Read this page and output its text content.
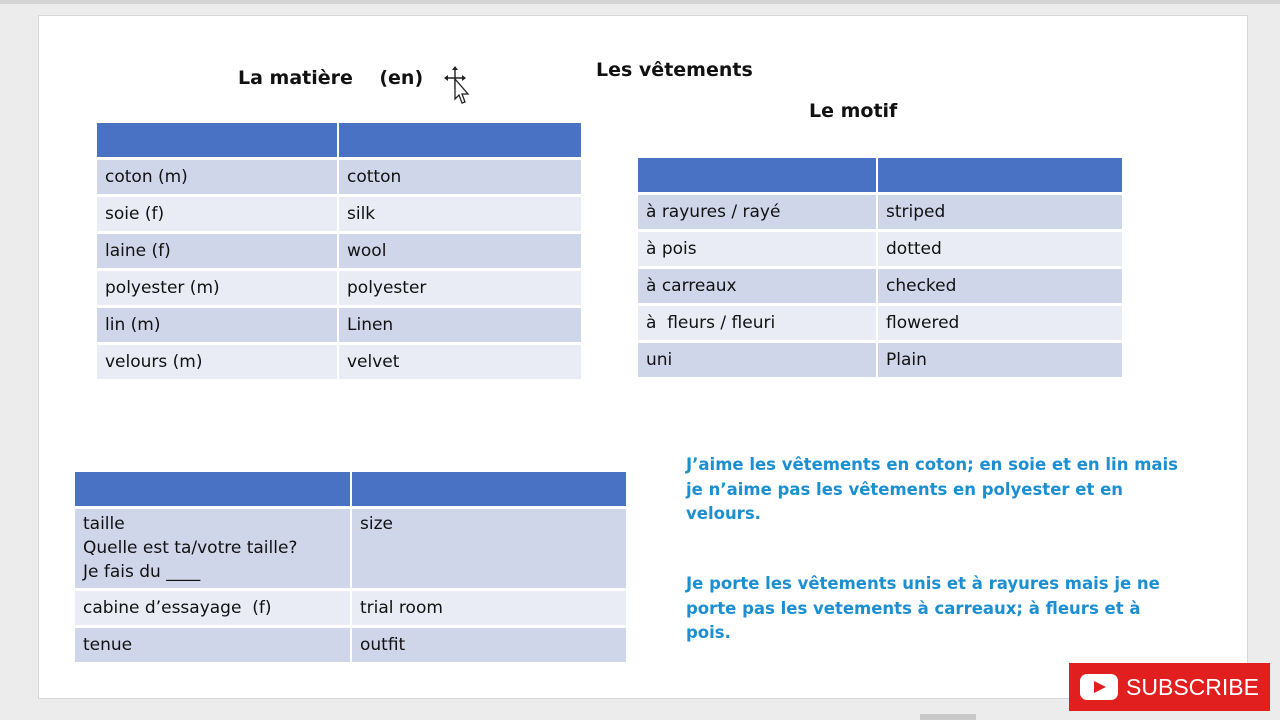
La matière    (en)	Les vêtements
Le motif

coton (m)	cotton
soie (f)	silk
laine (f)	wool
polyester (m)	polyester
lin (m)	Linen
velours (m)	velvet

à rayures / rayé	striped
à pois	dotted
à carreaux	checked
à  fleurs / fleuri	flowered
uni	Plain

taille
Quelle est ta/votre taille?
Je fais du ____	size
cabine d’essayage  (f)	trial room
tenue	outfit
J’aime les vêtements en coton; en soie et en lin mais je n’aime pas les vêtements en polyester et en velours.
Je porte les vêtements unis et à rayures mais je ne porte pas les vetements à carreaux; à fleurs et à pois.
SUBSCRIBE
